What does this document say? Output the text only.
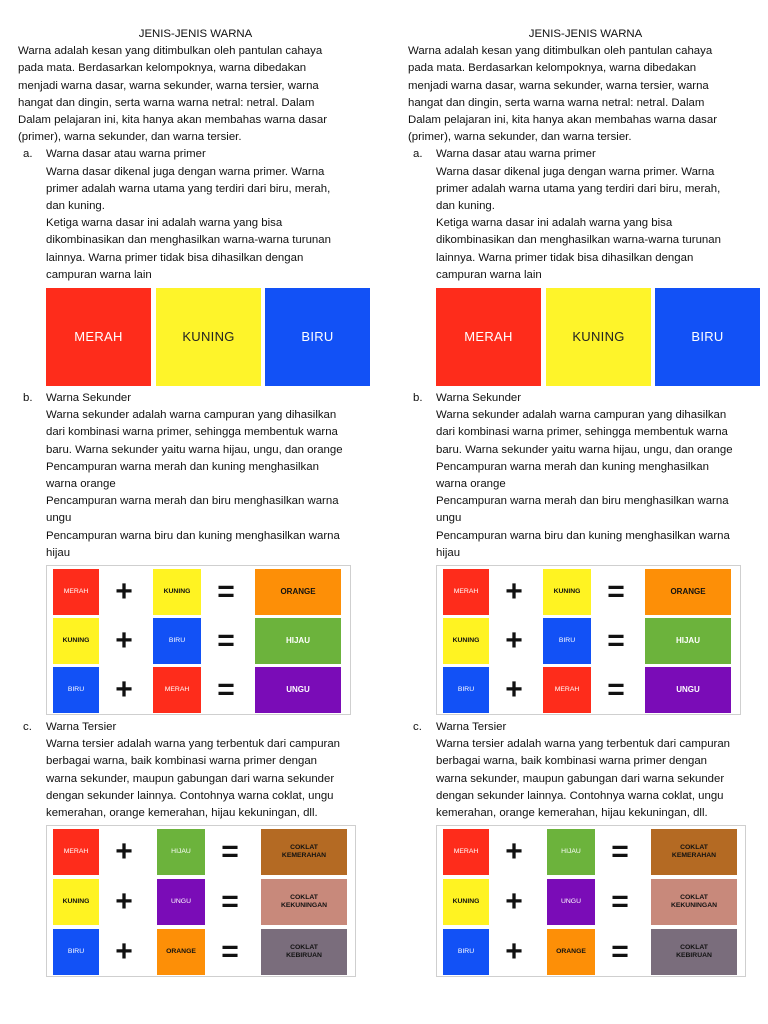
JENIS-JENIS WARNA
Warna adalah kesan yang ditimbulkan oleh pantulan cahaya
pada mata. Berdasarkan kelompoknya, warna dibedakan
menjadi warna dasar, warna sekunder, warna tersier, warna
hangat dan dingin, serta warna warna netral: netral. Dalam
Dalam pelajaran ini, kita hanya akan membahas warna dasar
(primer), warna sekunder, dan warna tersier.
a.	Warna dasar atau warna primer
Warna dasar dikenal juga dengan warna primer. Warna
primer adalah warna utama yang terdiri dari biru, merah,
dan kuning.
Ketiga warna dasar ini adalah warna yang bisa
dikombinasikan dan menghasilkan warna-warna turunan
lainnya. Warna primer tidak bisa dihasilkan dengan
campuran warna lain
MERAH	KUNING	BIRU
b.	Warna Sekunder
Warna sekunder adalah warna campuran yang dihasilkan
dari kombinasi warna primer, sehingga membentuk warna
baru. Warna sekunder yaitu warna hijau, ungu, dan orange
Pencampuran warna merah dan kuning menghasilkan
warna orange
Pencampuran warna merah dan biru menghasilkan warna
ungu
Pencampuran warna biru dan kuning menghasilkan warna
hijau
MERAH +	KUNING =	ORANGE
KUNING +	BIRU	=	HIJAU
BIRU	+	MERAH =	UNGU
c.	Warna Tersier
Warna tersier adalah warna yang terbentuk dari campuran
berbagai warna, baik kombinasi warna primer dengan
warna sekunder, maupun gabungan dari warna sekunder
dengan sekunder lainnya. Contohnya warna coklat, ungu
kemerahan, orange kemerahan, hijau kekuningan, dll.
MERAH +	HIJAU	=	COKLAT KEMERAHAN
KUNING +	UNGU	=	COKLAT KEKUNINGAN
BIRU	+	ORANGE =	COKLAT KEBIRUAN
JENIS-JENIS WARNA
Warna adalah kesan yang ditimbulkan oleh pantulan cahaya
pada mata. Berdasarkan kelompoknya, warna dibedakan
menjadi warna dasar, warna sekunder, warna tersier, warna
hangat dan dingin, serta warna warna netral: netral. Dalam
Dalam pelajaran ini, kita hanya akan membahas warna dasar
(primer), warna sekunder, dan warna tersier.
a.	Warna dasar atau warna primer
Warna dasar dikenal juga dengan warna primer. Warna
primer adalah warna utama yang terdiri dari biru, merah,
dan kuning.
Ketiga warna dasar ini adalah warna yang bisa
dikombinasikan dan menghasilkan warna-warna turunan
lainnya. Warna primer tidak bisa dihasilkan dengan
campuran warna lain
MERAH	KUNING	BIRU
b.	Warna Sekunder
Warna sekunder adalah warna campuran yang dihasilkan
dari kombinasi warna primer, sehingga membentuk warna
baru. Warna sekunder yaitu warna hijau, ungu, dan orange
Pencampuran warna merah dan kuning menghasilkan
warna orange
Pencampuran warna merah dan biru menghasilkan warna
ungu
Pencampuran warna biru dan kuning menghasilkan warna
hijau
MERAH +	KUNING =	ORANGE
KUNING +	BIRU	=	HIJAU
BIRU	+	MERAH =	UNGU
c.	Warna Tersier
Warna tersier adalah warna yang terbentuk dari campuran
berbagai warna, baik kombinasi warna primer dengan
warna sekunder, maupun gabungan dari warna sekunder
dengan sekunder lainnya. Contohnya warna coklat, ungu
kemerahan, orange kemerahan, hijau kekuningan, dll.
MERAH +	HIJAU	=	COKLAT KEMERAHAN
KUNING +	UNGU	=	COKLAT KEKUNINGAN
BIRU	+	ORANGE =	COKLAT KEBIRUAN
